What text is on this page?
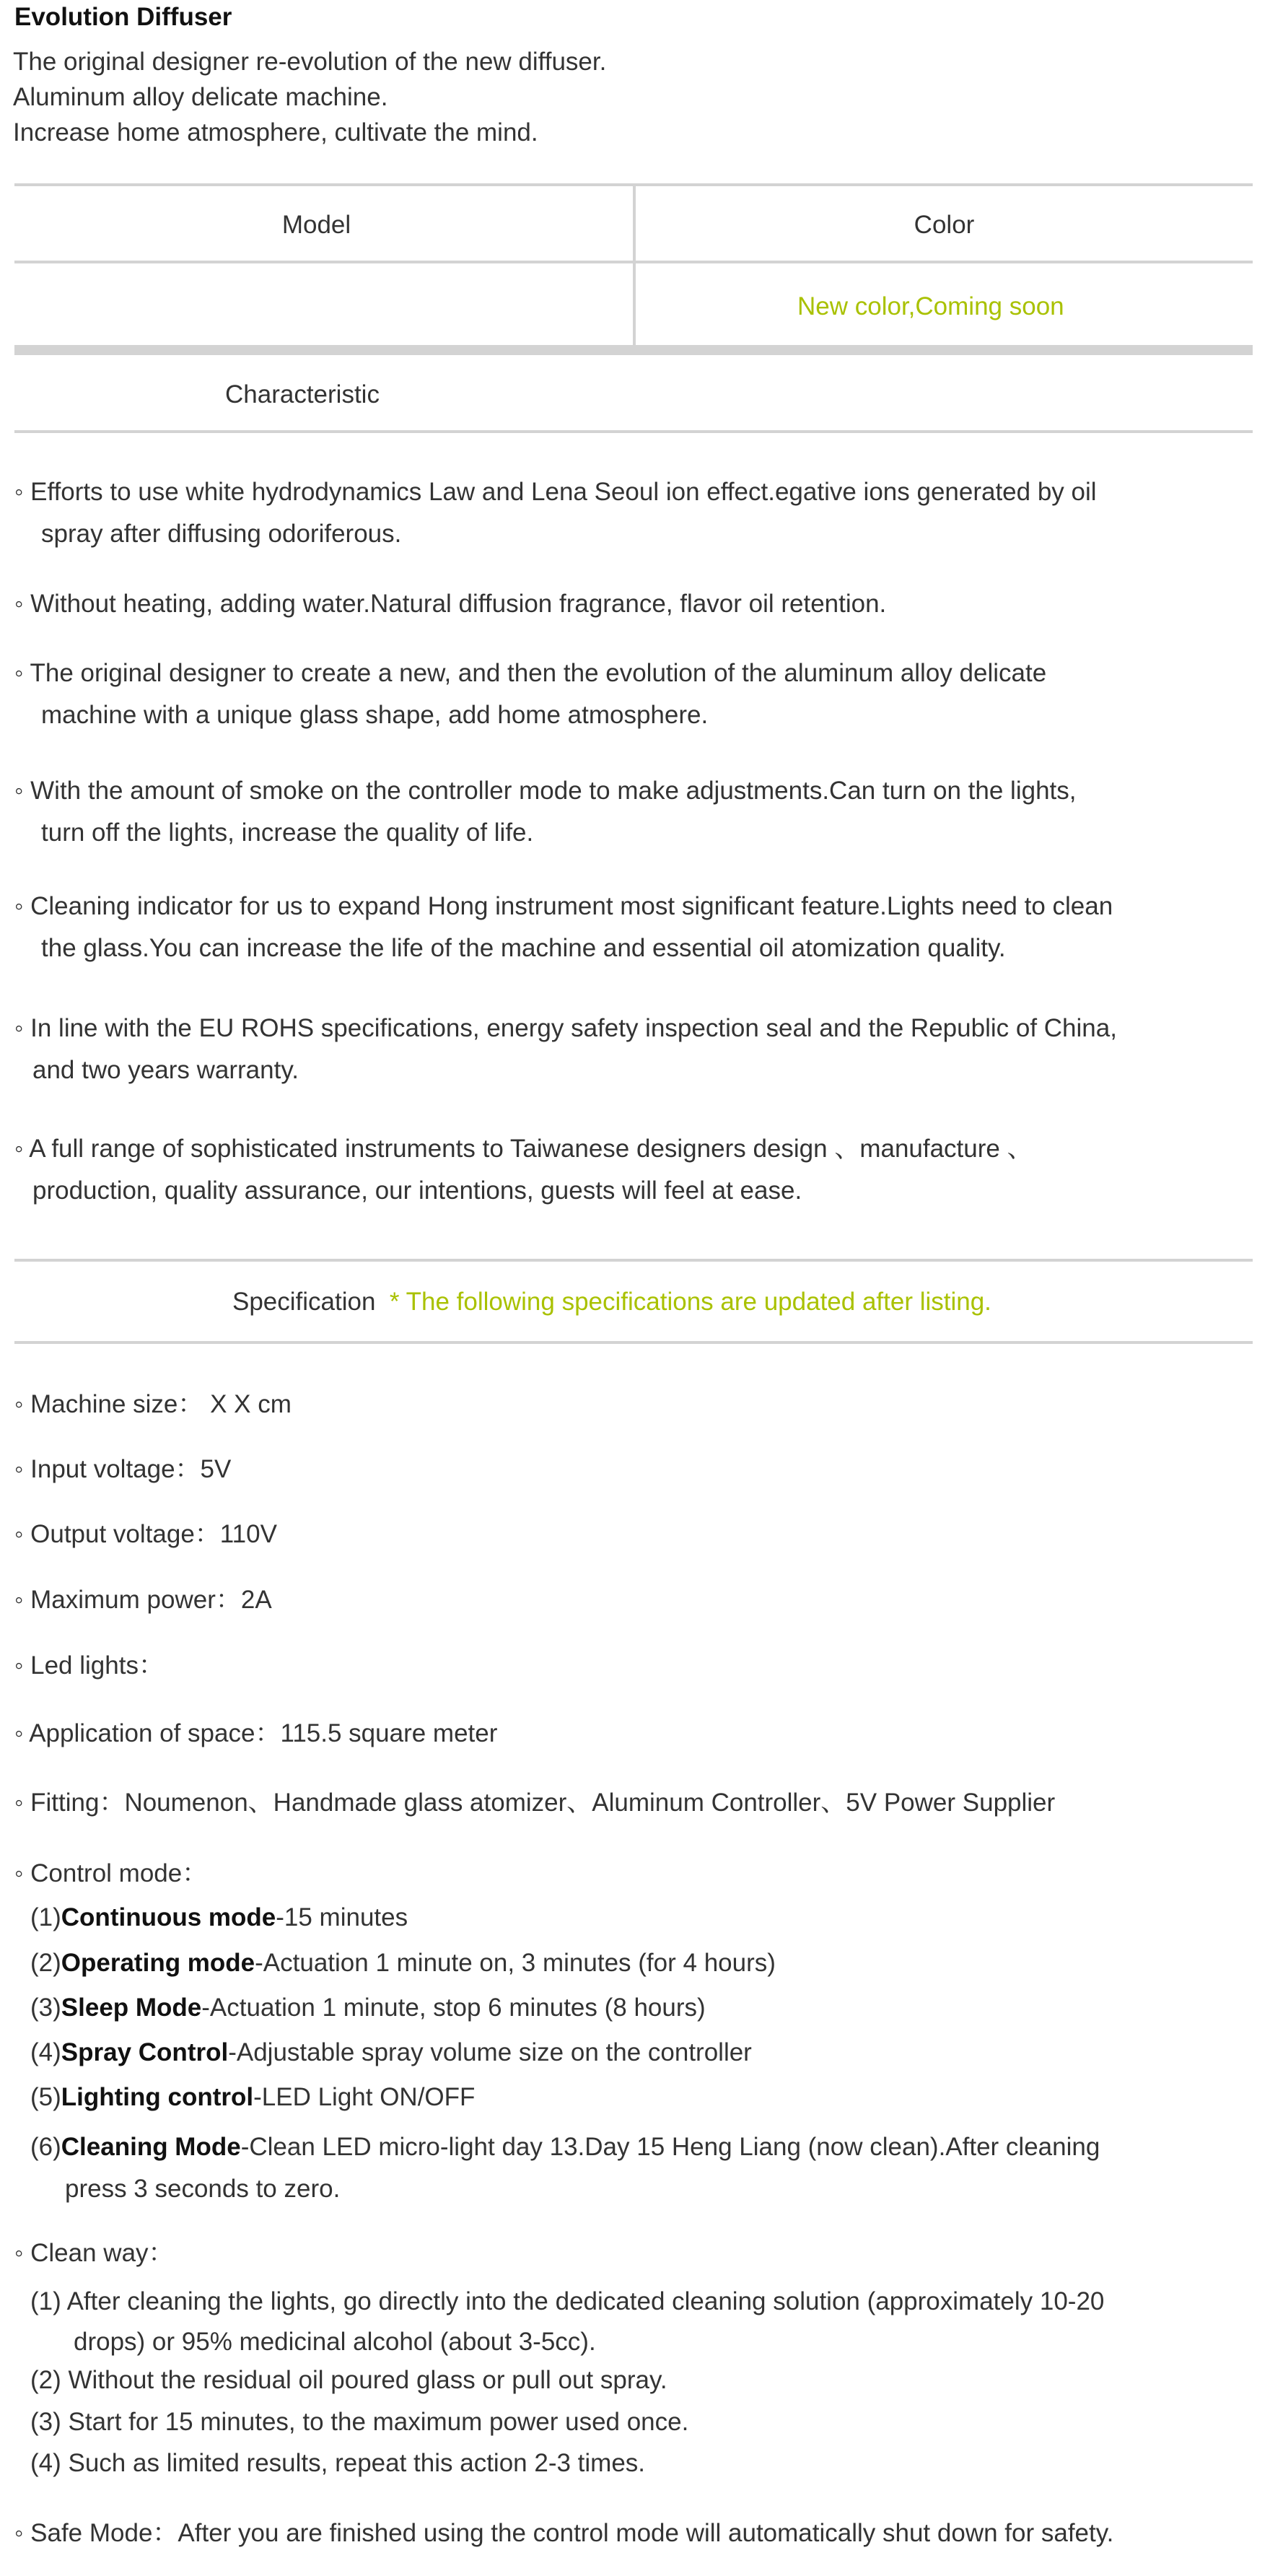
Evolution Diffuser
The original designer re-evolution of the new diffuser.
Aluminum alloy delicate machine.
Increase home atmosphere, cultivate the mind.
Model	Color
New color,Coming soon
Characteristic
◦ Efforts to use white hydrodynamics Law and Lena Seoul ion effect.egative ions generated by oil
spray after diffusing odoriferous.
◦ Without heating, adding water.Natural diffusion fragrance, flavor oil retention.
◦ The original designer to create a new, and then the evolution of the aluminum alloy delicate
machine with a unique glass shape, add home atmosphere.
◦ With the amount of smoke on the controller mode to make adjustments.Can turn on the lights,
turn off the lights, increase the quality of life.
◦ Cleaning indicator for us to expand Hong instrument most significant feature.Lights need to clean
the glass.You can increase the life of the machine and essential oil atomization quality.
◦ In line with the EU ROHS specifications, energy safety inspection seal and the Republic of China,
and two years warranty.
◦ A full range of sophisticated instruments to Taiwanese designers design 、manufacture 、
production, quality assurance, our intentions, guests will feel at ease.
Specification * The following specifications are updated after listing.
◦ Machine size： X X cm
◦ Input voltage：5V
◦ Output voltage：110V
◦ Maximum power：2A
◦ Led lights：
◦ Application of space：115.5 square meter
◦ Fitting：Noumenon、Handmade glass atomizer、Aluminum Controller、5V Power Supplier
◦ Control mode：
(1)Continuous mode-15 minutes
(2)Operating mode-Actuation 1 minute on, 3 minutes (for 4 hours)
(3)Sleep Mode-Actuation 1 minute, stop 6 minutes (8 hours)
(4)Spray Control-Adjustable spray volume size on the controller
(5)Lighting control-LED Light ON/OFF
(6)Cleaning Mode-Clean LED micro-light day 13.Day 15 Heng Liang (now clean).After cleaning
press 3 seconds to zero.
◦ Clean way：
(1) After cleaning the lights, go directly into the dedicated cleaning solution (approximately 10-20
drops) or 95% medicinal alcohol (about 3-5cc).
(2) Without the residual oil poured glass or pull out spray.
(3) Start for 15 minutes, to the maximum power used once.
(4) Such as limited results, repeat this action 2-3 times.
◦ Safe Mode：After you are finished using the control mode will automatically shut down for safety.
